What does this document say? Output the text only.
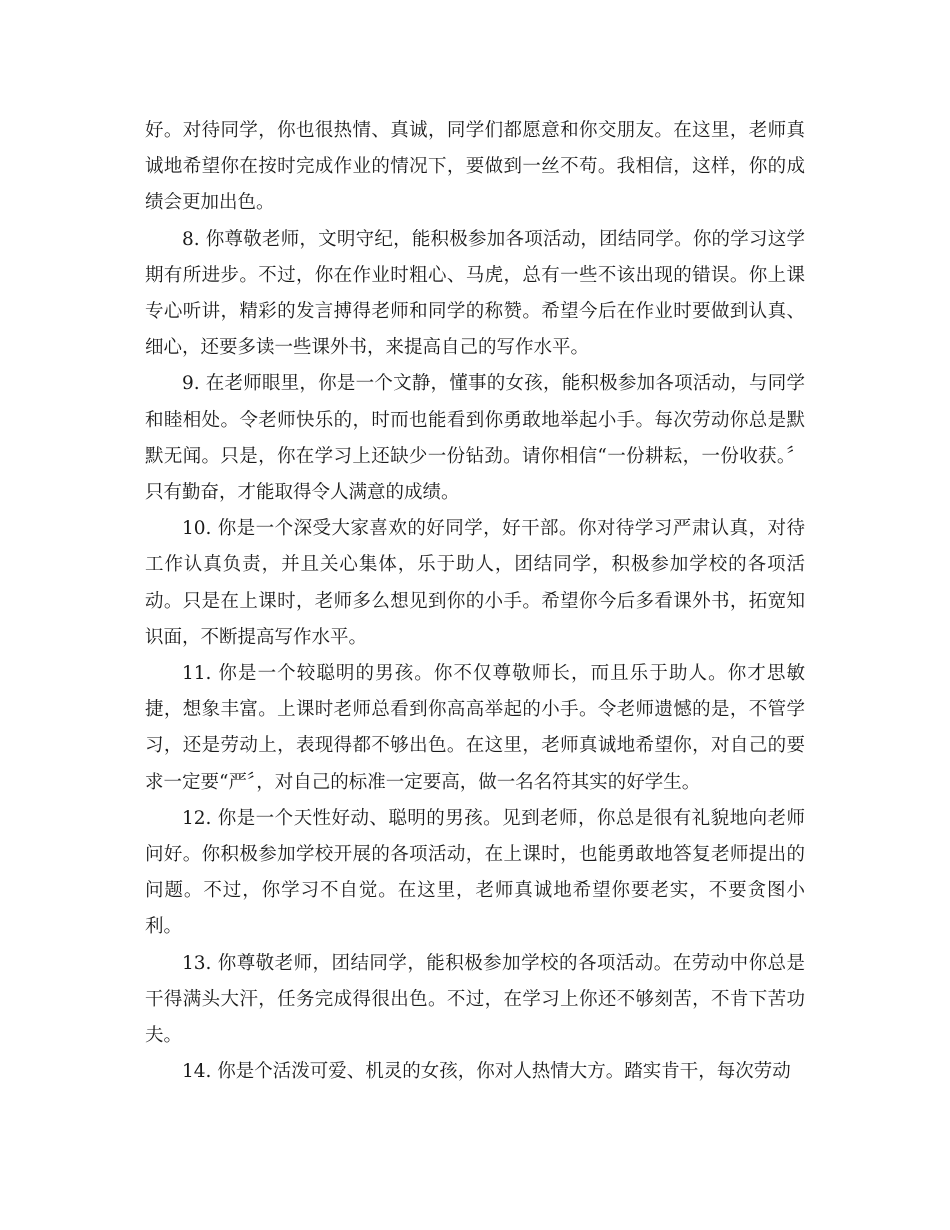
好。对待同学，你也很热情、真诚，同学们都愿意和你交朋友。在这里，老师真诚地希望你在按时完成作业的情况下，要做到一丝不苟。我相信，这样，你的成绩会更加出色。

8. 你尊敬老师，文明守纪，能积极参加各项活动，团结同学。你的学习这学期有所进步。不过，你在作业时粗心、马虎，总有一些不该出现的错误。你上课专心听讲，精彩的发言搏得老师和同学的称赞。希望今后在作业时要做到认真、细心，还要多读一些课外书，来提高自己的写作水平。

9. 在老师眼里，你是一个文静，懂事的女孩，能积极参加各项活动，与同学和睦相处。令老师快乐的，时而也能看到你勇敢地举起小手。每次劳动你总是默默无闻。只是，你在学习上还缺少一份钻劲。请你相信“一份耕耘，一份收获。〞只有勤奋，才能取得令人满意的成绩。

10. 你是一个深受大家喜欢的好同学，好干部。你对待学习严肃认真，对待工作认真负责，并且关心集体，乐于助人，团结同学，积极参加学校的各项活动。只是在上课时，老师多么想见到你的小手。希望你今后多看课外书，拓宽知识面，不断提高写作水平。

11. 你是一个较聪明的男孩。你不仅尊敬师长，而且乐于助人。你才思敏捷，想象丰富。上课时老师总看到你高高举起的小手。令老师遗憾的是，不管学习，还是劳动上，表现得都不够出色。在这里，老师真诚地希望你，对自己的要求一定要“严〞，对自己的标准一定要高，做一名名符其实的好学生。

12. 你是一个天性好动、聪明的男孩。见到老师，你总是很有礼貌地向老师问好。你积极参加学校开展的各项活动，在上课时，也能勇敢地答复老师提出的问题。不过，你学习不自觉。在这里，老师真诚地希望你要老实，不要贪图小利。

13. 你尊敬老师，团结同学，能积极参加学校的各项活动。在劳动中你总是干得满头大汗，任务完成得很出色。不过，在学习上你还不够刻苦，不肯下苦功夫。

14. 你是个活泼可爱、机灵的女孩，你对人热情大方。踏实肯干，每次劳动
